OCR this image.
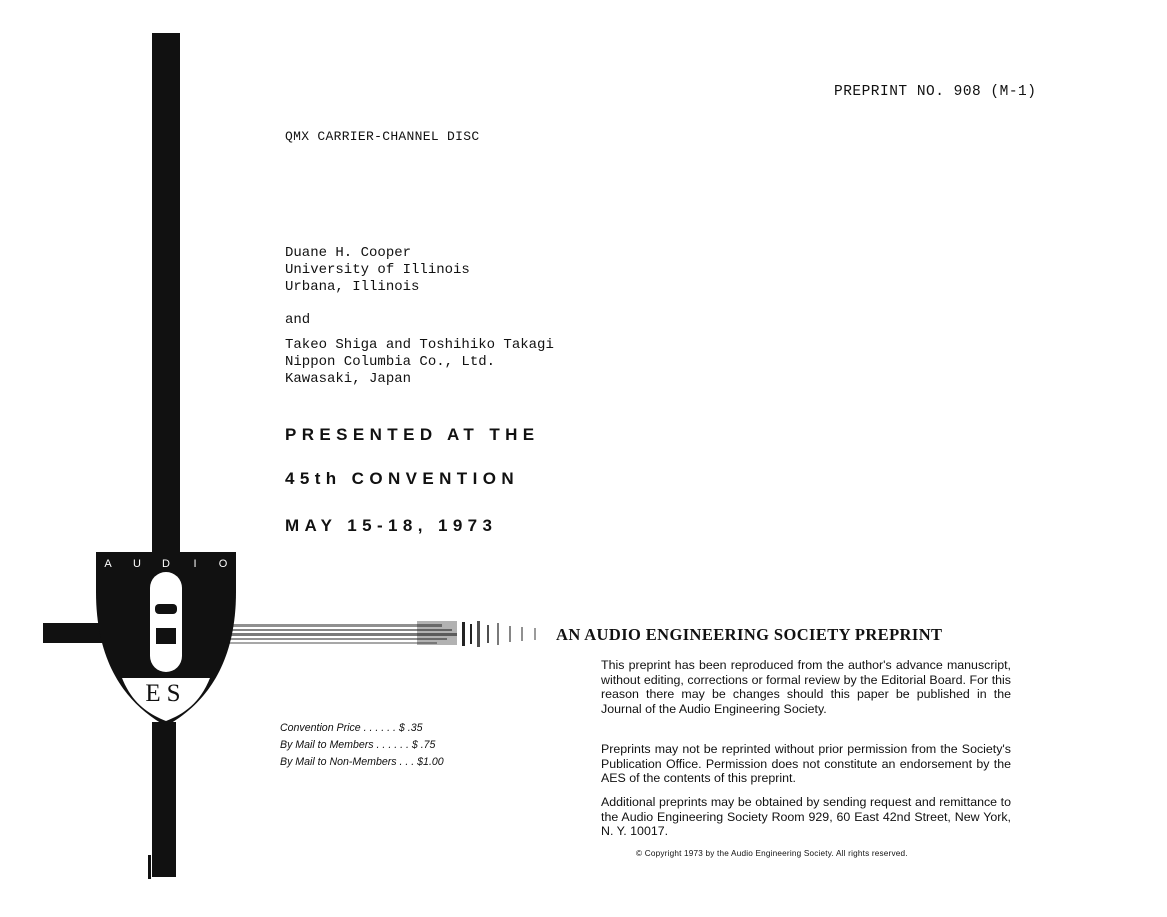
A U D I O
ES
PREPRINT NO. 908 (M-1)
QMX CARRIER-CHANNEL DISC
Duane H. Cooper
University of Illinois
Urbana, Illinois
and
Takeo Shiga and Toshihiko Takagi
Nippon Columbia Co., Ltd.
Kawasaki, Japan
PRESENTED AT THE
45th CONVENTION
MAY 15-18, 1973
AN AUDIO ENGINEERING SOCIETY PREPRINT
This preprint has been reproduced from the author's advance manuscript, without editing, corrections or formal review by the Editorial Board. For this reason there may be changes should this paper be published in the Journal of the Audio Engineering Society.
Preprints may not be reprinted without prior permission from the Society's Publication Office. Permission does not constitute an endorsement by the AES of the contents of this preprint.
Additional preprints may be obtained by sending request and remittance to the Audio Engineering Society Room 929, 60 East 42nd Street, New York, N. Y. 10017.
Convention Price . . . . . . $ .35
By Mail to Members . . . . . . $ .75
By Mail to Non-Members . . . $1.00
© Copyright 1973 by the Audio Engineering Society. All rights reserved.
